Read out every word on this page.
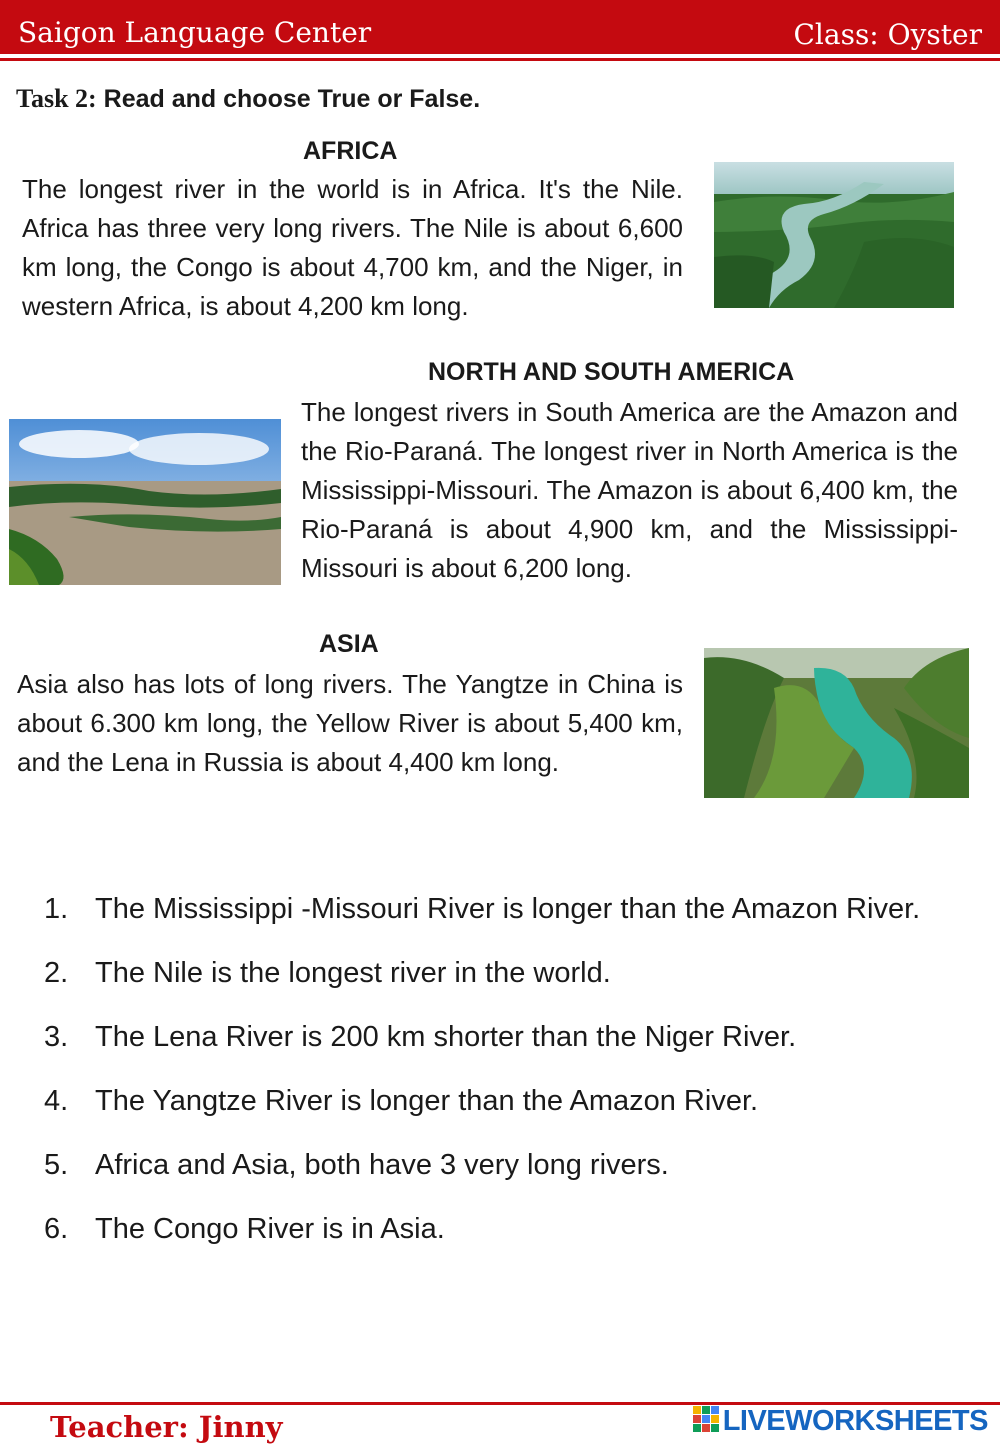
Saigon Language Center	Class: Oyster
Task 2: Read and choose True or False.
AFRICA
The longest river in the world is in Africa. It's the Nile. Africa has three very long rivers. The Nile is about 6,600 km long, the Congo is about 4,700 km, and the Niger, in western Africa, is about 4,200 km long.
NORTH AND SOUTH AMERICA
The longest rivers in South America are the Amazon and the Rio-Paraná. The longest river in North America is the Mississippi-Missouri. The Amazon is about 6,400 km, the Rio-Paraná is about 4,900 km, and the Mississippi- Missouri is about 6,200 long.
ASIA
Asia also has lots of long rivers. The Yangtze in China is about 6.300 km long, the Yellow River is about 5,400 km, and the Lena in Russia is about 4,400 km long.
1. The Mississippi -Missouri River is longer than the Amazon River.
2. The Nile is the longest river in the world.
3. The Lena River is 200 km shorter than the Niger River.
4. The Yangtze River is longer than the Amazon River.
5. Africa and Asia, both have 3 very long rivers.
6. The Congo River is in Asia.
Teacher: Jinny	LIVEWORKSHEETS
